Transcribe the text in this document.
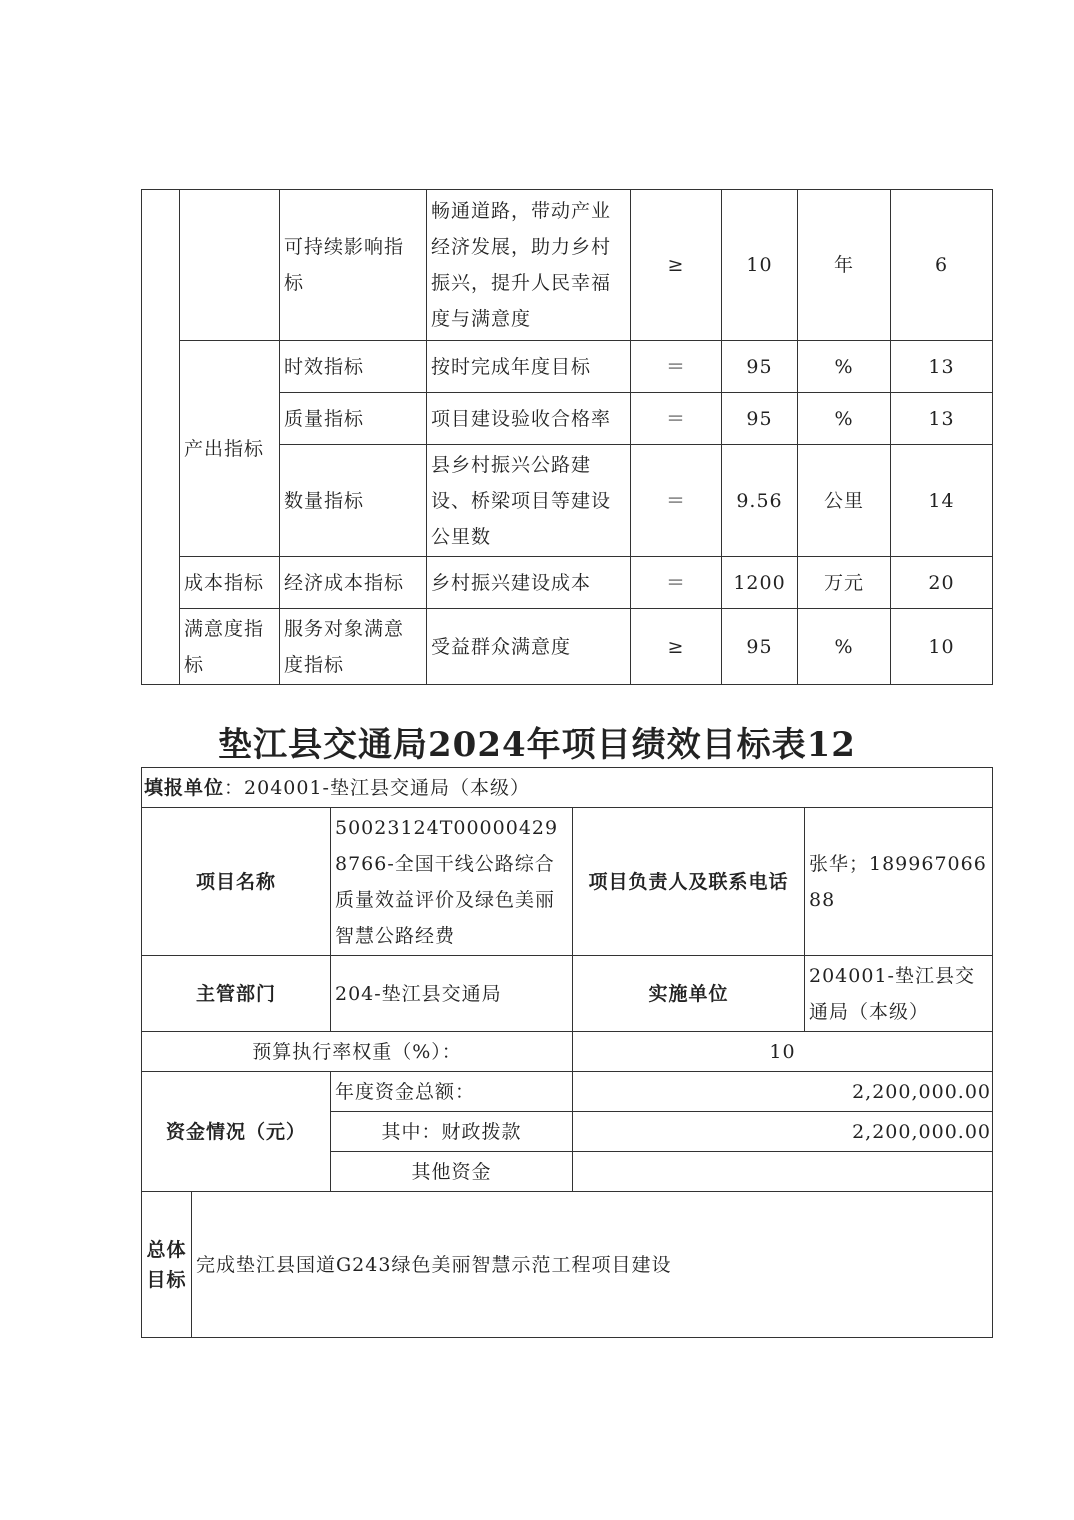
		可持续影响指标	畅通道路，带动产业经济发展，助力乡村振兴，提升人民幸福度与满意度	≥	10	年	6
	产出指标	时效指标	按时完成年度目标	＝	95	%	13
		质量指标	项目建设验收合格率	＝	95	%	13
		数量指标	县乡村振兴公路建设、桥梁项目等建设公里数	＝	9.56	公里	14
	成本指标	经济成本指标	乡村振兴建设成本	＝	1200	万元	20
	满意度指标	服务对象满意度指标	受益群众满意度	≥	95	%	10
垫江县交通局2024年项目绩效目标表12
填报单位：204001-垫江县交通局（本级）				
项目名称		50023124T000004298766-全国干线公路综合质量效益评价及绿色美丽智慧公路经费	项目负责人及联系电话	张华；18996706688
主管部门		204-垫江县交通局	实施单位	204001-垫江县交通局（本级）
预算执行率权重（%）：			10	
资金情况（元）		年度资金总额：	2,200,000.00	
		其中：财政拨款	2,200,000.00	
		其他资金		
总体目标	完成垫江县国道G243绿色美丽智慧示范工程项目建设			
